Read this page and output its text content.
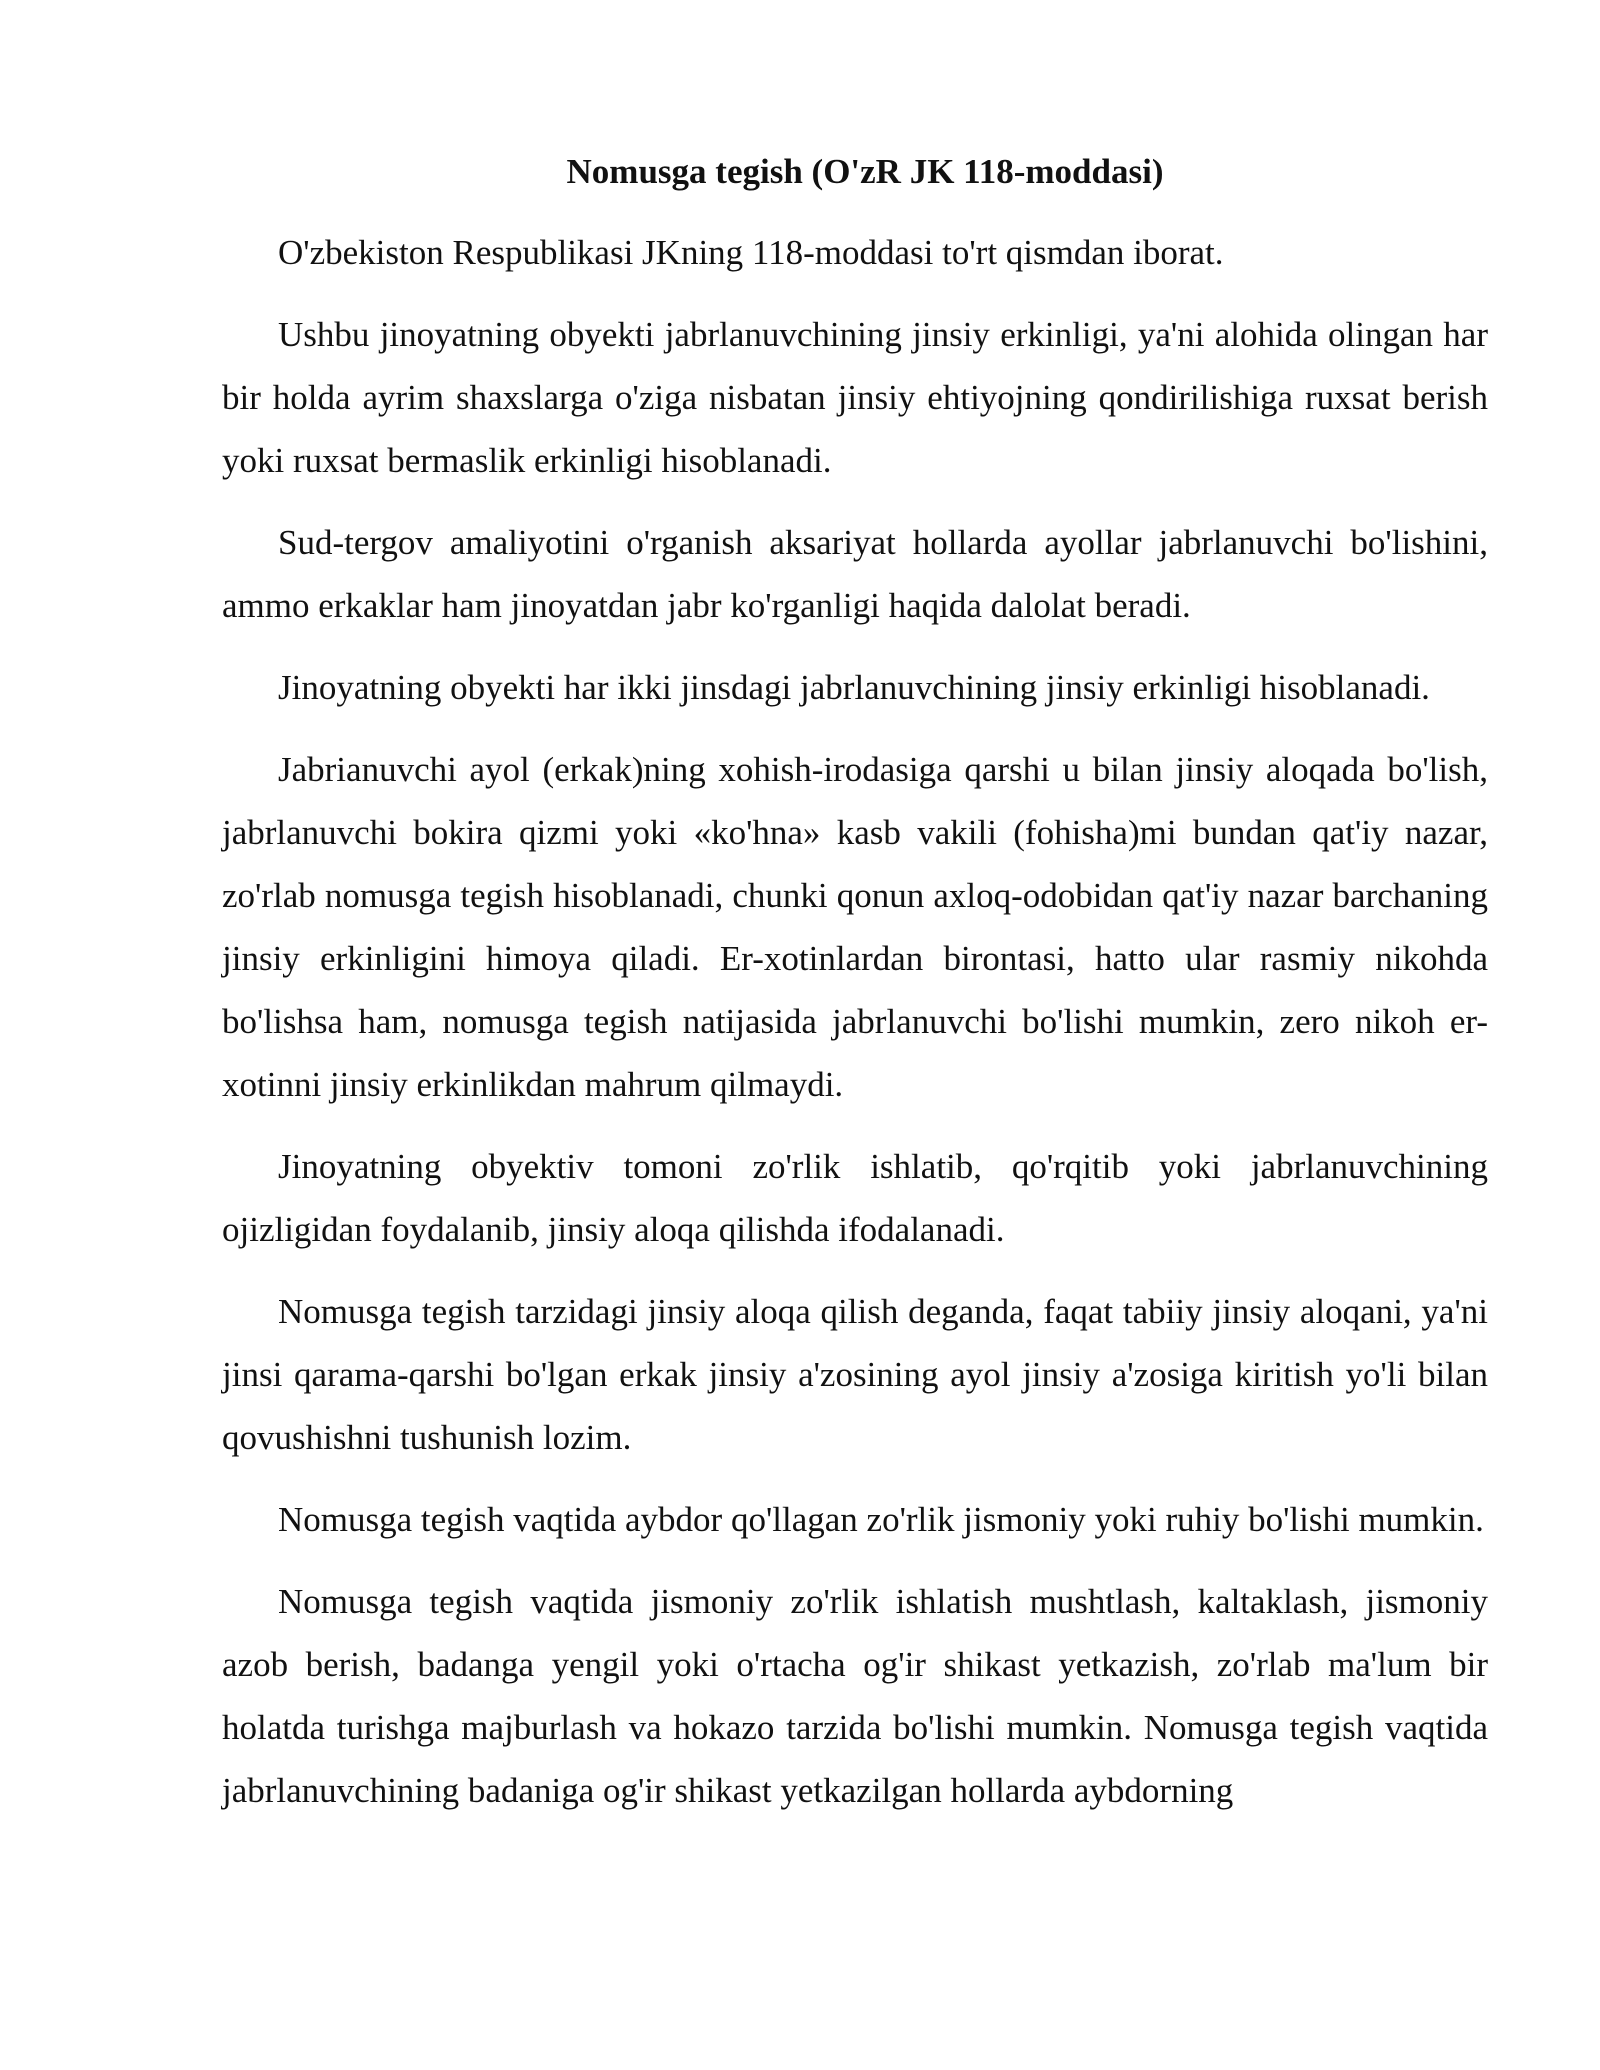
Nomusga tegish (O'zR JK 118-moddasi)

O'zbekiston Respublikasi JKning 118-moddasi to'rt qismdan iborat.

Ushbu jinoyatning obyekti jabrlanuvchining jinsiy erkinligi, ya'ni alohida olingan har bir holda ayrim shaxslarga o'ziga nisbatan jinsiy ehtiyojning qondirilishiga ruxsat berish yoki ruxsat bermaslik erkinligi hisoblanadi.

Sud-tergov amaliyotini o'rganish aksariyat hollarda ayollar jabrlanuvchi bo'lishini, ammo erkaklar ham jinoyatdan jabr ko'rganligi haqida dalolat beradi.

Jinoyatning obyekti har ikki jinsdagi jabrlanuvchining jinsiy erkinligi hisoblanadi.

Jabrianuvchi ayol (erkak)ning xohish-irodasiga qarshi u bilan jinsiy aloqada bo'lish, jabrlanuvchi bokira qizmi yoki «ko'hna» kasb vakili (fohisha)mi bundan qat'iy nazar, zo'rlab nomusga tegish hisoblanadi, chunki qonun axloq-odobidan qat'iy nazar barchaning jinsiy erkinligini himoya qiladi. Er-xotinlardan birontasi, hatto ular rasmiy nikohda bo'lishsa ham, nomusga tegish natijasida jabrlanuvchi bo'lishi mumkin, zero nikoh er-xotinni jinsiy erkinlikdan mahrum qilmaydi.

Jinoyatning obyektiv tomoni zo'rlik ishlatib, qo'rqitib yoki jabrlanuvchining ojizligidan foydalanib, jinsiy aloqa qilishda ifodalanadi.

Nomusga tegish tarzidagi jinsiy aloqa qilish deganda, faqat tabiiy jinsiy aloqani, ya'ni jinsi qarama-qarshi bo'lgan erkak jinsiy a'zosining ayol jinsiy a'zosiga kiritish yo'li bilan qovushishni tushunish lozim.

Nomusga tegish vaqtida aybdor qo'llagan zo'rlik jismoniy yoki ruhiy bo'lishi mumkin.

Nomusga tegish vaqtida jismoniy zo'rlik ishlatish mushtlash, kaltaklash, jismoniy azob berish, badanga yengil yoki o'rtacha og'ir shikast yetkazish, zo'rlab ma'lum bir holatda turishga majburlash va hokazo tarzida bo'lishi mumkin. Nomusga tegish vaqtida jabrlanuvchining badaniga og'ir shikast yetkazilgan hollarda aybdorning
